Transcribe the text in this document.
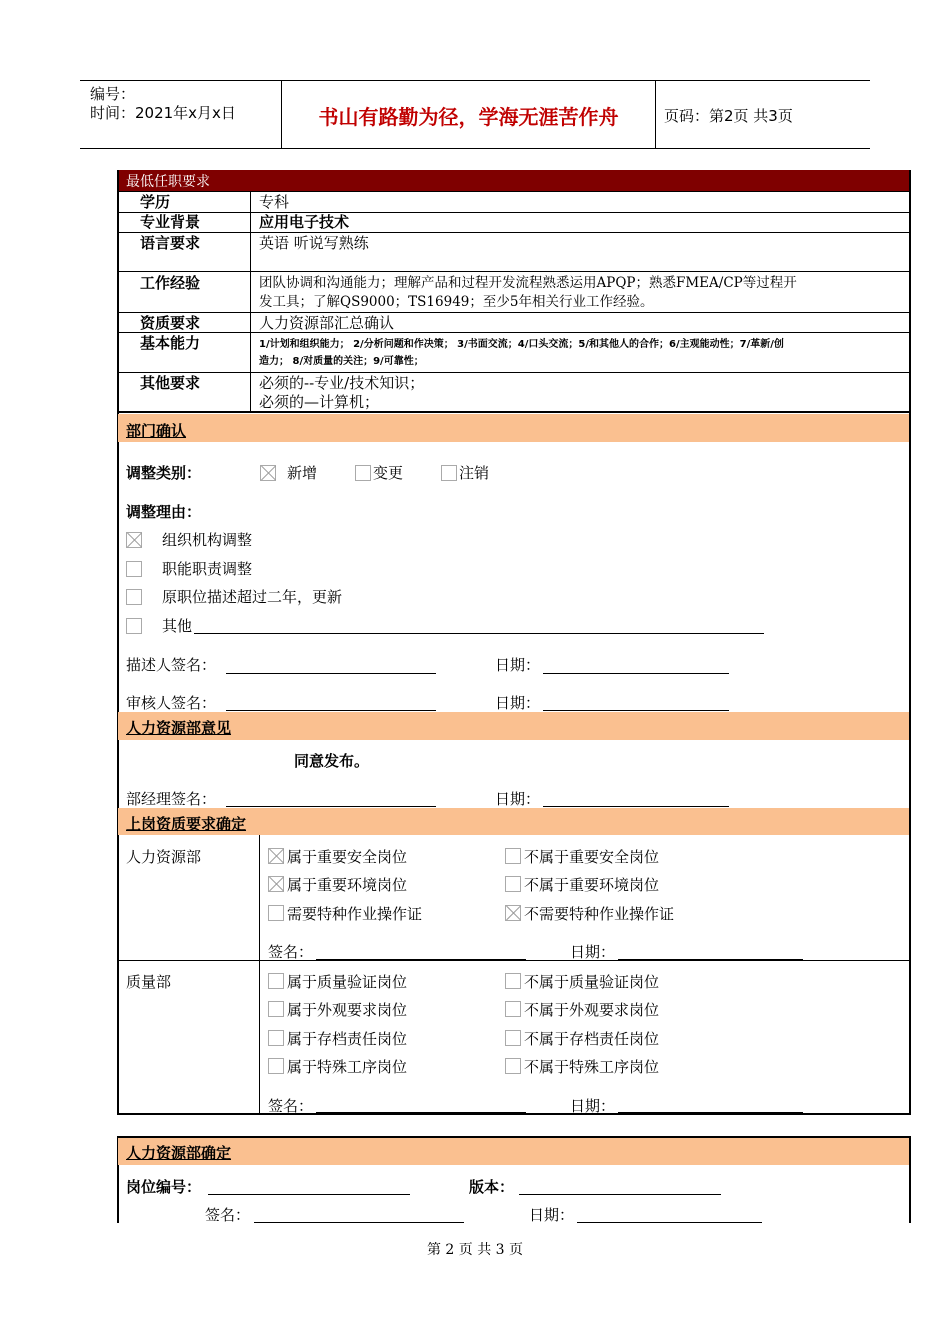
编号：
时间：2021年x月x日	书山有路勤为径，学海无涯苦作舟	页码：第2页 共3页
最低任职要求
学历	专科
专业背景	应用电子技术
语言要求	英语 听说写熟练
工作经验	团队协调和沟通能力；理解产品和过程开发流程熟悉运用APQP；熟悉FMEA/CP等过程开
发工具；了解QS9000；TS16949；至少5年相关行业工作经验。
资质要求	人力资源部汇总确认
基本能力	1/计划和组织能力； 2/分析问题和作决策； 3/书面交流；4/口头交流；5/和其他人的合作；6/主观能动性；7/革新/创
造力； 8/对质量的关注；9/可靠性；
其他要求	必须的--专业/技术知识；
必须的—计算机；
部门确认
调整类别：	新增	变更	注销
调整理由：
组织机构调整
职能职责调整
原职位描述超过二年，更新
其他
描述人签名：	日期：
审核人签名：	日期：
人力资源部意见
同意发布。
部经理签名：	日期：
上岗资质要求确定
人力资源部	属于重要安全岗位	不属于重要安全岗位
属于重要环境岗位	不属于重要环境岗位
需要特种作业操作证	不需要特种作业操作证
签名：	日期：
质量部	属于质量验证岗位	不属于质量验证岗位
属于外观要求岗位	不属于外观要求岗位
属于存档责任岗位	不属于存档责任岗位
属于特殊工序岗位	不属于特殊工序岗位
签名：	日期：
人力资源部确定
岗位编号：	版本：
签名：	日期：
第 2 页 共 3 页
